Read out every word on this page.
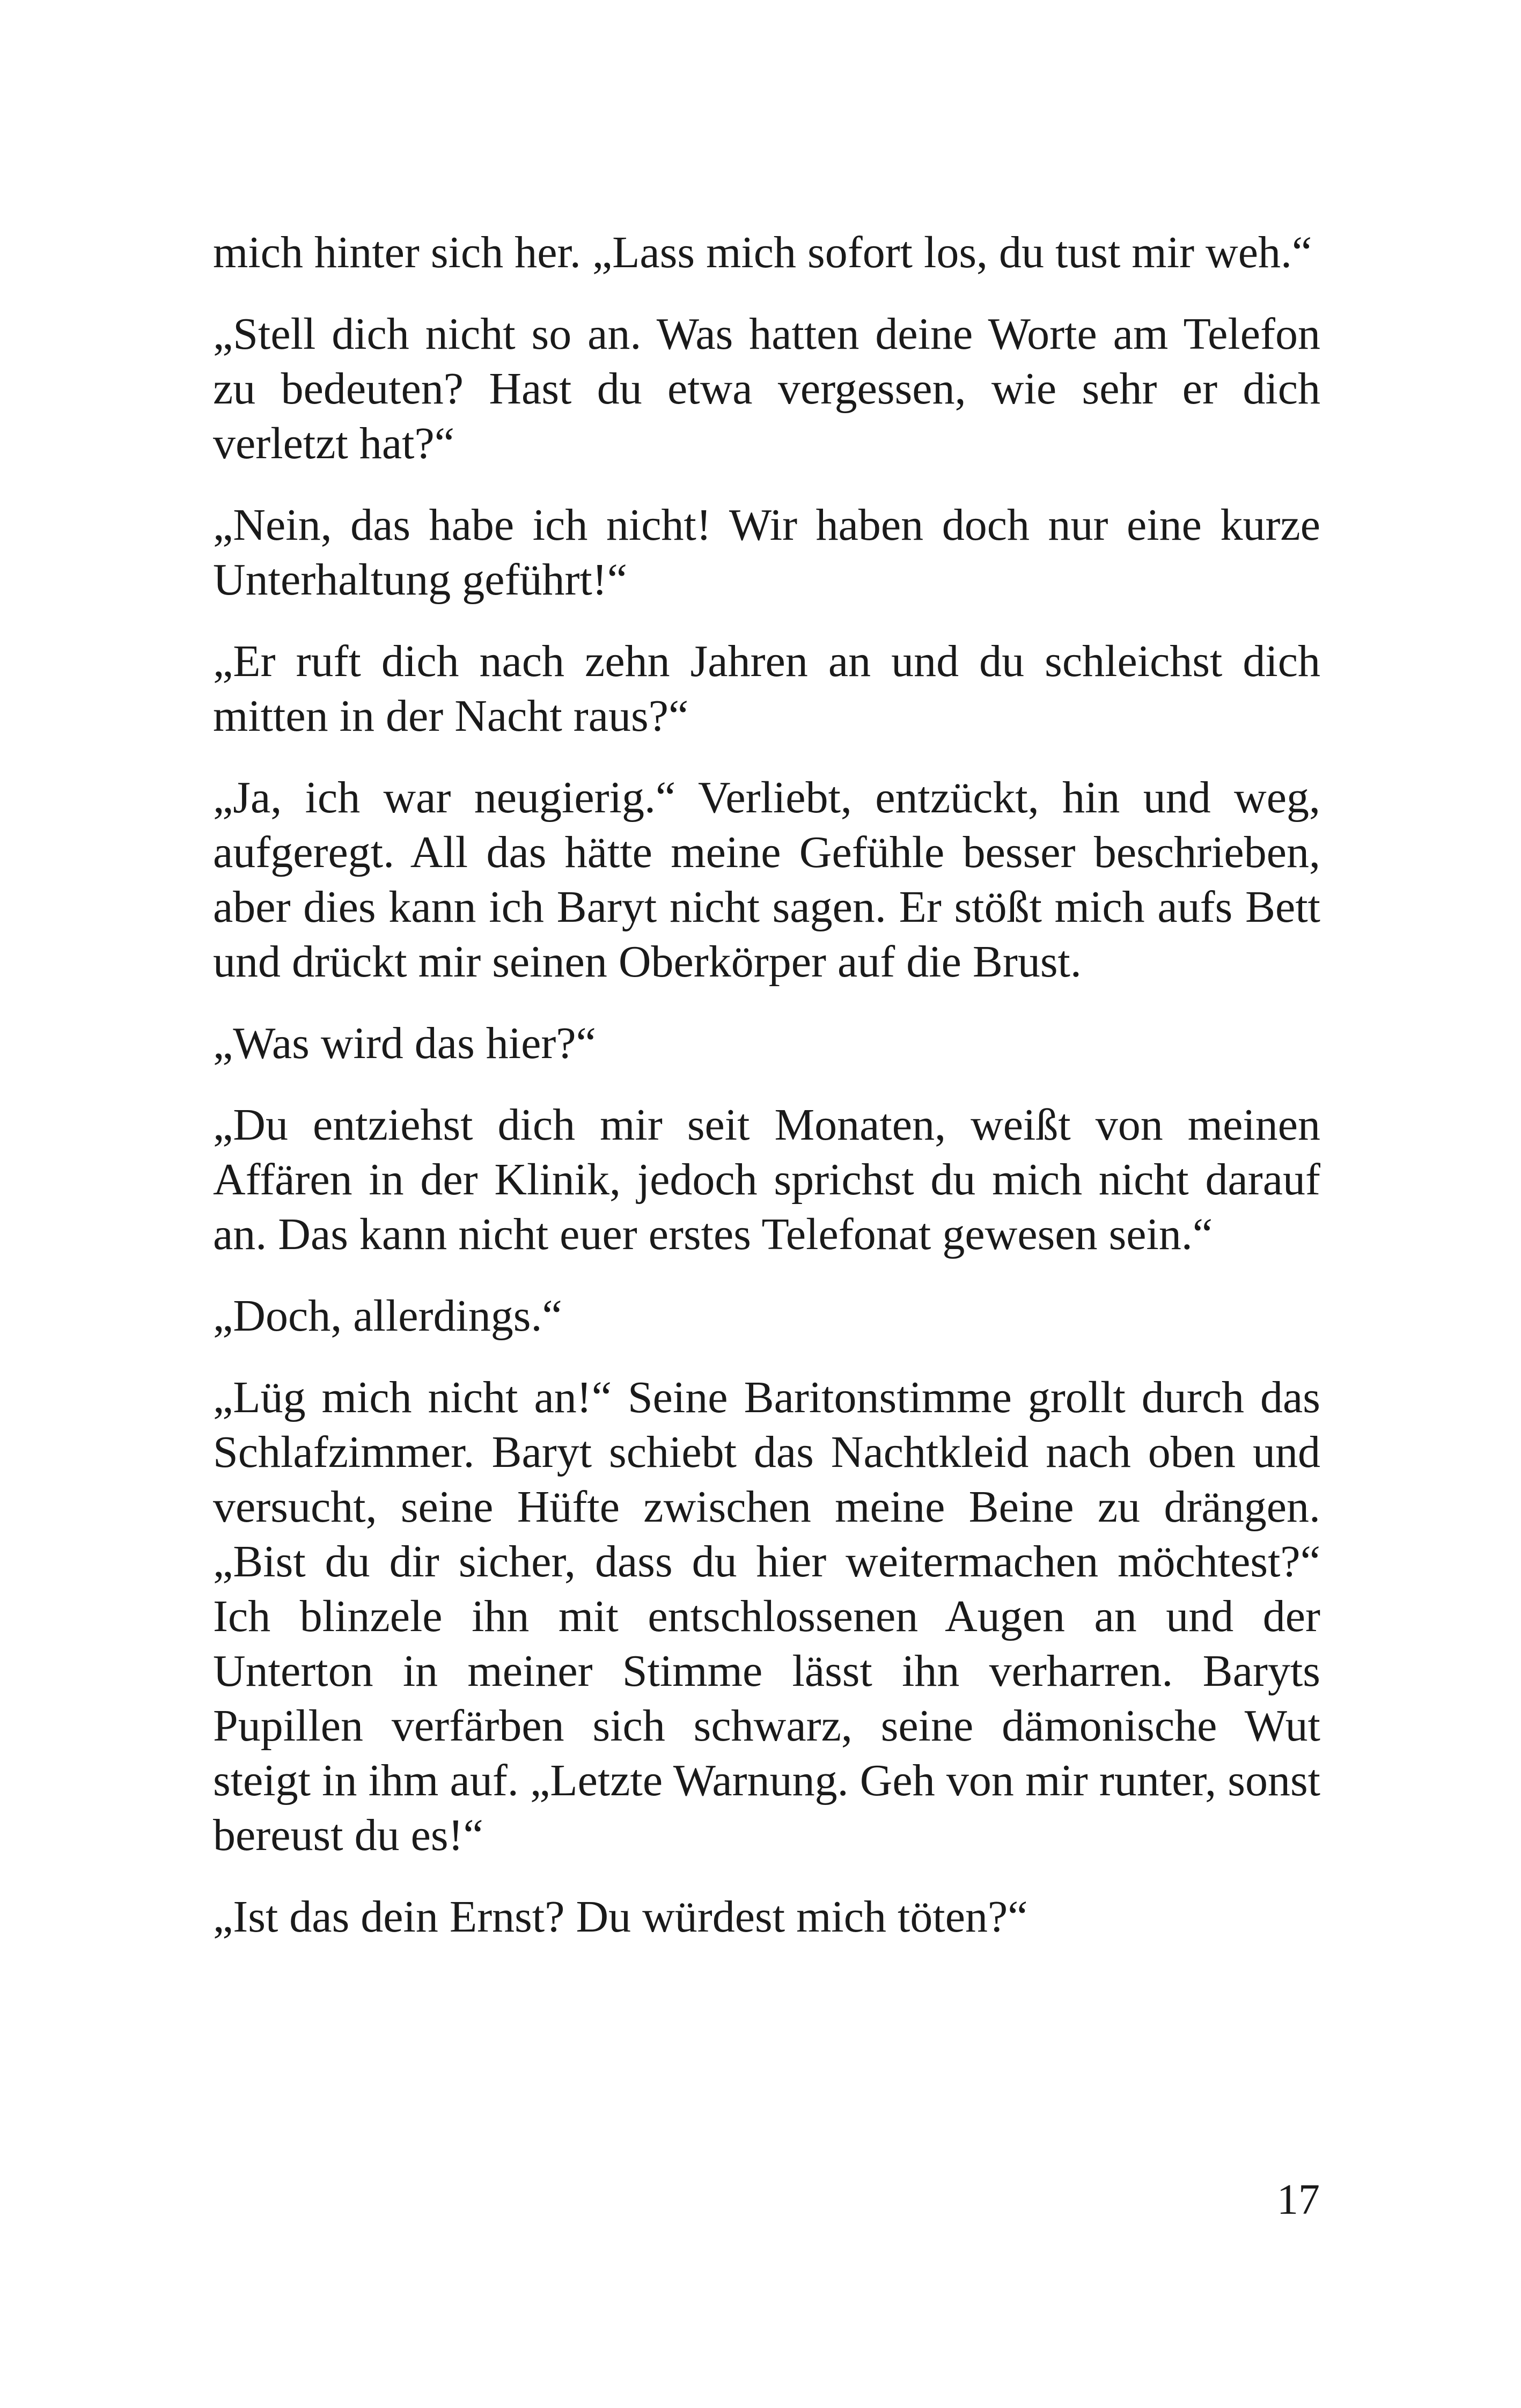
mich hinter sich her. „Lass mich sofort los, du tust mir weh.“

„Stell dich nicht so an. Was hatten deine Worte am Telefon zu bedeuten? Hast du etwa vergessen, wie sehr er dich verletzt hat?“

„Nein, das habe ich nicht! Wir haben doch nur eine kurze Unterhaltung geführt!“

„Er ruft dich nach zehn Jahren an und du schleichst dich mitten in der Nacht raus?“

„Ja, ich war neugierig.“ Verliebt, entzückt, hin und weg, aufgeregt. All das hätte meine Gefühle besser beschrieben, aber dies kann ich Baryt nicht sagen. Er stößt mich aufs Bett und drückt mir seinen Oberkörper auf die Brust.

„Was wird das hier?“

„Du entziehst dich mir seit Monaten, weißt von meinen Affären in der Klinik, jedoch sprichst du mich nicht darauf an. Das kann nicht euer erstes Telefonat gewesen sein.“

„Doch, allerdings.“

„Lüg mich nicht an!“ Seine Baritonstimme grollt durch das Schlafzimmer. Baryt schiebt das Nachtkleid nach oben und versucht, seine Hüfte zwischen meine Beine zu drängen. „Bist du dir sicher, dass du hier weitermachen möchtest?“ Ich blinzele ihn mit entschlossenen Augen an und der Unterton in meiner Stimme lässt ihn verharren. Baryts Pupillen verfärben sich schwarz, seine dämonische Wut steigt in ihm auf. „Letzte Warnung. Geh von mir runter, sonst bereust du es!“

„Ist das dein Ernst? Du würdest mich töten?“

17
